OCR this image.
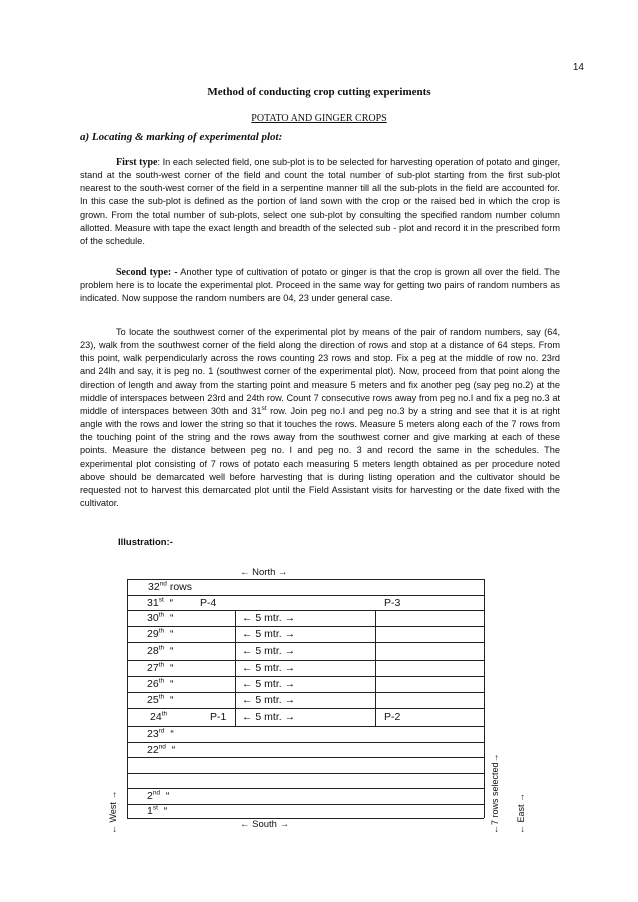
14
Method of conducting crop cutting experiments
POTATO AND GINGER CROPS
a) Locating & marking of experimental plot:

First type: In each selected field, one sub-plot is to be selected for harvesting operation of potato and ginger, stand at the south-west corner of the field and count the total number of sub-plot starting from the first sub-plot nearest to the south-west corner of the field in a serpentine manner till all the sub-plots in the field are accounted for. In this case the sub-plot is defined as the portion of land sown with the crop or the raised bed in which the crop is grown. From the total number of sub-plots, select one sub-plot by consulting the specified random number column allotted. Measure with tape the exact length and breadth of the selected sub - plot and record it in the prescribed form of the schedule.

Second type: - Another type of cultivation of potato or ginger is that the crop is grown all over the field. The problem here is to locate the experimental plot. Proceed in the same way for getting two pairs of random numbers as indicated. Now suppose the random numbers are 04, 23 under general case.

To locate the southwest corner of the experimental plot by means of the pair of random numbers, say (64, 23), walk from the southwest corner of the field along the direction of rows and stop at a distance of 64 steps. From this point, walk perpendicularly across the rows counting 23 rows and stop. Fix a peg at the middle of row no. 23rd and 24lh and say, it is peg no. 1 (southwest corner of the experimental plot). Now, proceed from that point along the direction of length and away from the starting point and measure 5 meters and fix another peg (say peg no.2) at the middle of interspaces between 23rd and 24th row. Count 7 consecutive rows away from peg no.I and fix a peg no.3 at middle of interspaces between 30th and 31st row. Join peg no.I and peg no.3 by a string and see that it is at right angle with the rows and lower the string so that it touches the rows. Measure 5 meters along each of the 7 rows from the touching point of the string and the rows away from the southwest corner and give marking at each of these points. Measure the distance between peg no. I and peg no. 3 and record the same in the schedules. The experimental plot consisting of 7 rows of potato each measuring 5 meters length obtained as per procedure noted above should be demarcated well before harvesting that is during listing operation and the cultivator should be requested not to harvest this demarcated plot until the Field Assistant visits for harvesting or the date fixed with the cultivator.

Illustration:-
← North →
← South →
← West →	← East →
←7 rows selected→
32nd rows
31st “	P-4	P-3
30th “	← 5 mtr. →
29th “	← 5 mtr. →
28th “	← 5 mtr. →
27th “	← 5 mtr. →
26th “	← 5 mtr. →
25th “	← 5 mtr. →
24th	P-1 ← 5 mtr. →	P-2
23rd “
22nd “
2nd “
1st “
